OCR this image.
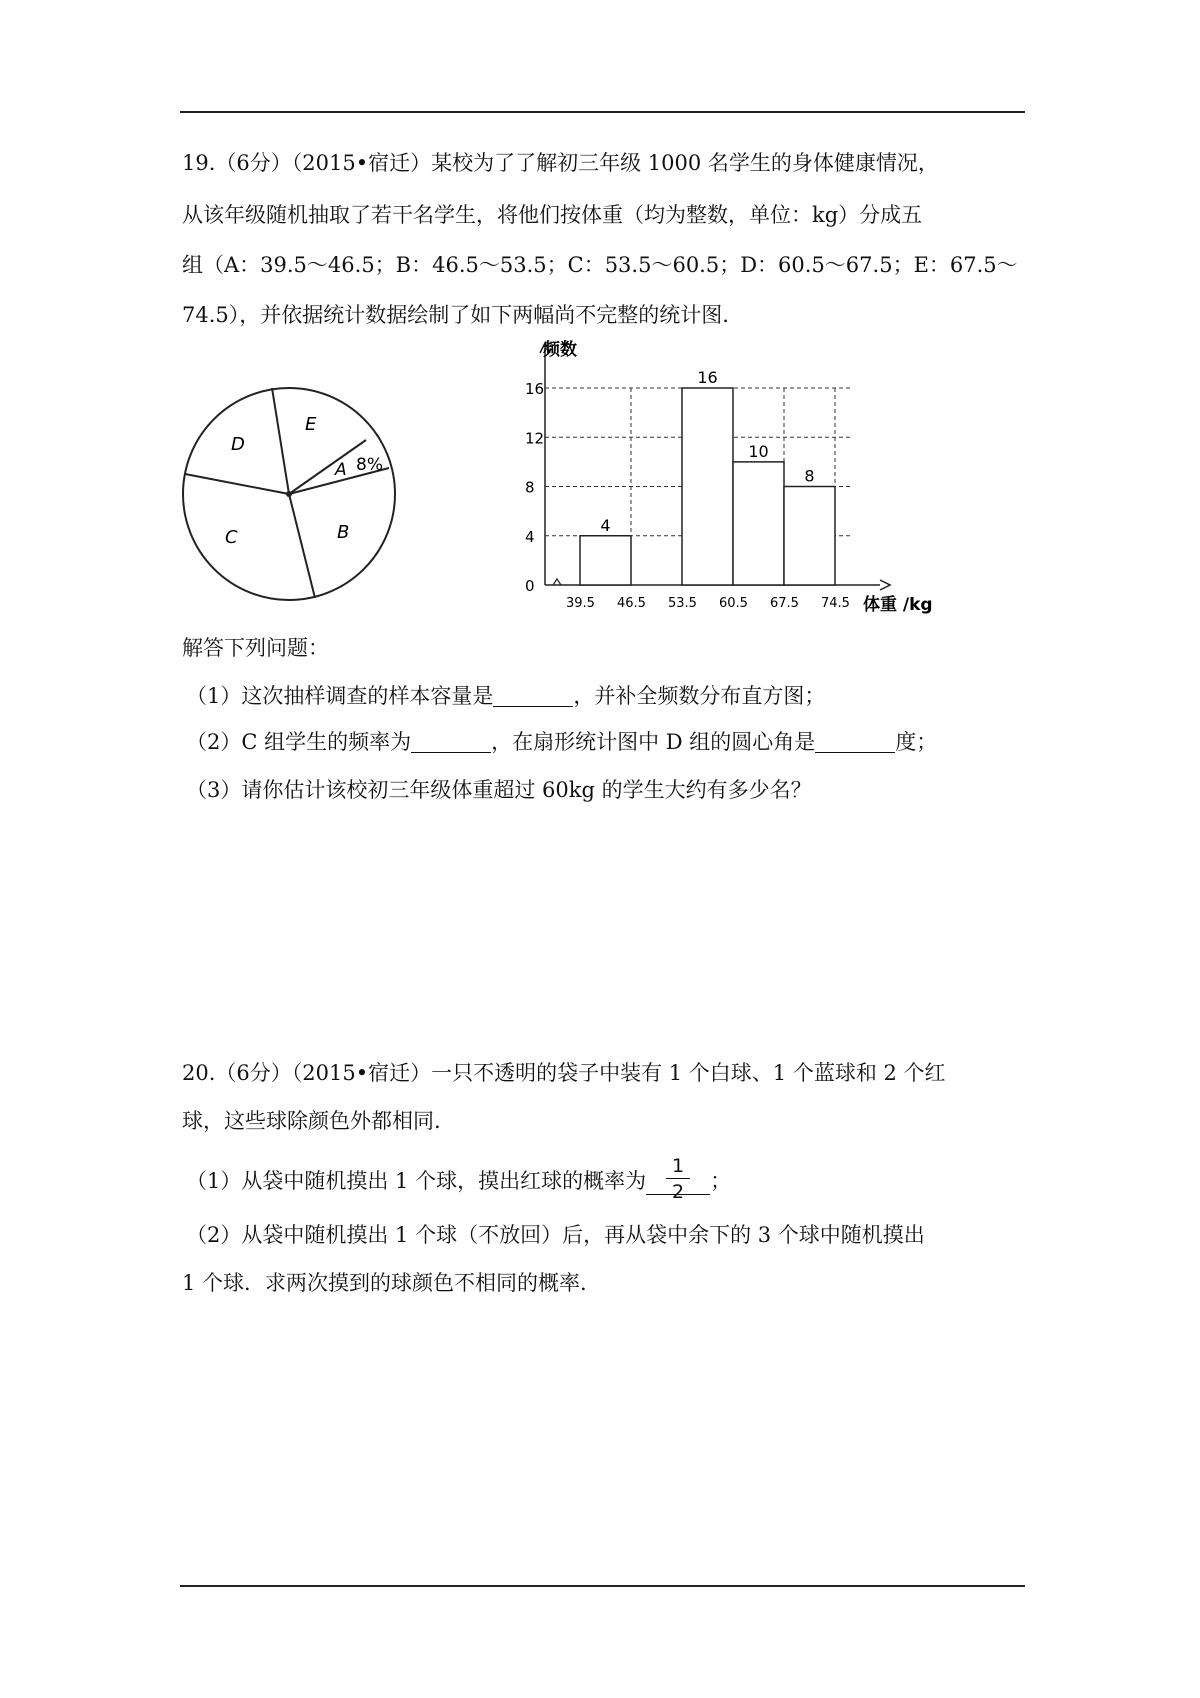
19.（6分）（2015•宿迁）某校为了了解初三年级 1000 名学生的身体健康情况，
从该年级随机抽取了若干名学生，将他们按体重（均为整数，单位：kg）分成五
组（A：39.5～46.5；B：46.5～53.5；C：53.5～60.5；D：60.5～67.5；E：67.5～
74.5），并依据统计数据绘制了如下两幅尚不完整的统计图.
D
E
A 8%
C	B
0
4
8
12
16
39.5 46.5 53.5 60.5 67.5 74.5
4
16
10
8
频数
体重 /kg
解答下列问题：
（1）这次抽样调查的样本容量是	，并补全频数分布直方图；
（2）C 组学生的频率为	，在扇形统计图中 D 组的圆心角是	度；
（3）请你估计该校初三年级体重超过 60kg 的学生大约有多少名？
20.（6分）（2015•宿迁）一只不透明的袋子中装有 1 个白球、1 个蓝球和 2 个红
球，这些球除颜色外都相同.
（1）从袋中随机摸出 1 个球，摸出红球的概率为 $\frac{1}{2}$ ；
（2）从袋中随机摸出 1 个球（不放回）后，再从袋中余下的 3 个球中随机摸出
1 个球．求两次摸到的球颜色不相同的概率.
